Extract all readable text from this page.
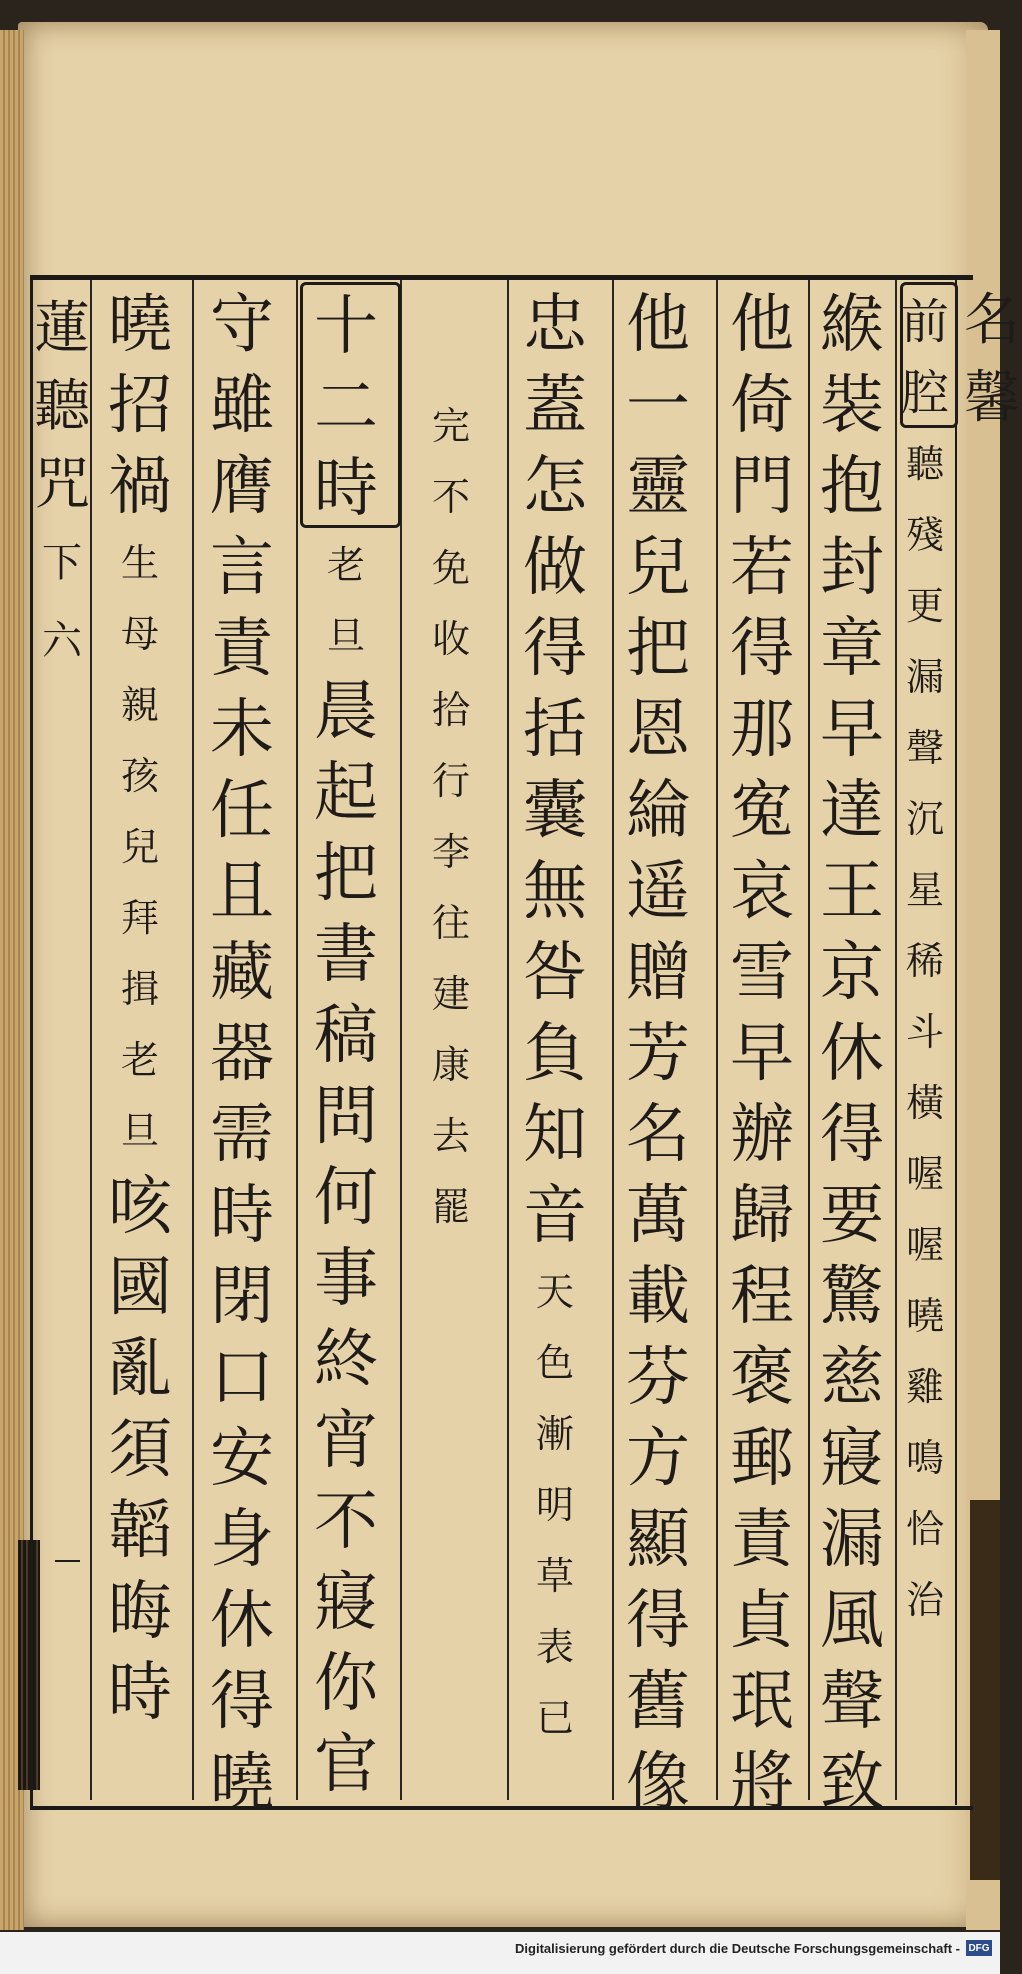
名
馨
蓮
聽
咒
下
六
前
腔
聽
殘
更
漏
聲
沉
星
稀
斗
橫
喔
喔
曉
雞
鳴
恰
治
緱
裝
抱
封
章
早
達
王
京
休
得
要
驚
慈
寢
漏
風
聲
致
他
倚
門
若
得
那
寃
哀
雪
早
辦
歸
程
褒
郵
責
貞
珉
將
他
一
靈
兒
把
恩
綸
遥
贈
芳
名
萬
載
芬
方
顯
得
舊
像
忠
蓋
怎
做
得
括
囊
無
咎
負
知
音
天
色
漸
明
草
表
已
完
不
免
收
拾
行
李
往
建
康
去
罷
十
二
時
老
旦
晨
起
把
書
稿
問
何
事
終
宵
不
寢
你
官
守
雖
膺
言
責
未
任
且
藏
器
需
時
閉
口
安
身
休
得
曉
曉
招
禍
生
母
親
孩
兒
拜
揖
老
旦
咳
國
亂
須
韜
晦
時
Digitalisierung gefördert durch die Deutsche Forschungsgemeinschaft - DFG
